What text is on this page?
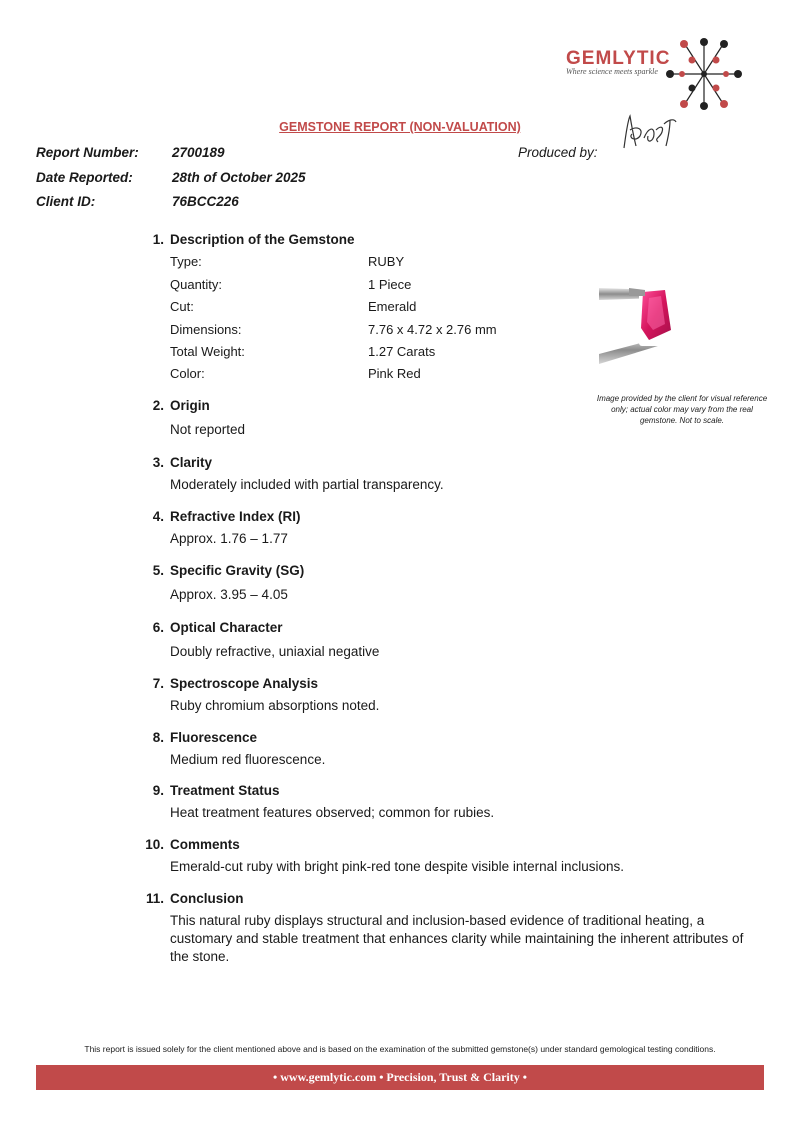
GEMLYTIC
Where science meets sparkle
GEMSTONE REPORT (NON-VALUATION)
Report Number: 2700189
Date Reported:	28th of October 2025
Client ID:	76BCC226
Produced by:
1. Description of the Gemstone
Type:	RUBY
Quantity:	1 Piece
Cut:	Emerald
Dimensions:	7.76 x 4.72 x 2.76 mm
Total Weight:	1.27 Carats
Color:	Pink Red
Image provided by the client for visual reference only; actual color may vary from the real gemstone. Not to scale.
2. Origin
Not reported
3. Clarity
Moderately included with partial transparency.
4. Refractive Index (RI)
Approx. 1.76 – 1.77
5. Specific Gravity (SG)
Approx. 3.95 – 4.05
6. Optical Character
Doubly refractive, uniaxial negative
7. Spectroscope Analysis
Ruby chromium absorptions noted.
8. Fluorescence
Medium red fluorescence.
9. Treatment Status
Heat treatment features observed; common for rubies.
10. Comments
Emerald-cut ruby with bright pink-red tone despite visible internal inclusions.
11. Conclusion
This natural ruby displays structural and inclusion-based evidence of traditional heating, a customary and stable treatment that enhances clarity while maintaining the inherent attributes of the stone.
This report is issued solely for the client mentioned above and is based on the examination of the submitted gemstone(s) under standard gemological testing conditions.
• www.gemlytic.com • Precision, Trust & Clarity •
